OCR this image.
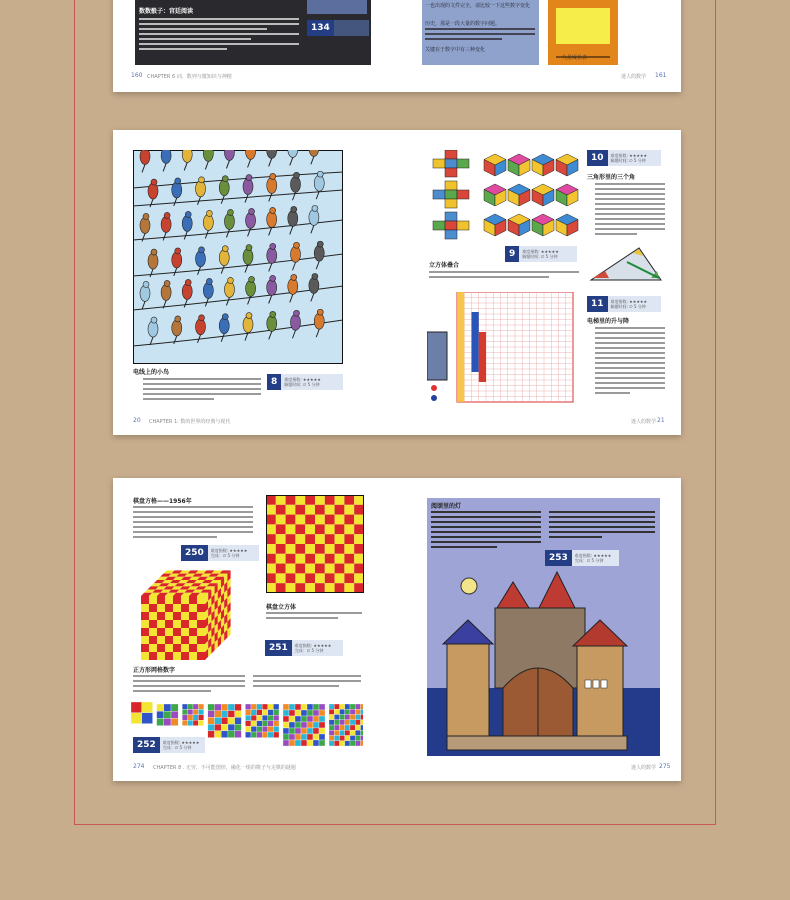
数数骰子：宫廷阅读
134
160 CHAPTER 6 词、数列与微知识与神精
一也出现的文件完全，请比较一下这些数字变化
历史，那是一段大量的数字问题。
关键在于数字中有三种变化
九星成长表
迷人的数学 161
电线上的小鸟
8	难度指数: ★★★★★
解题时间: ∅ 5 分钟
20 CHAPTER 1: 数的世界的经典与现代
9	难度指数: ★★★★★
解题时间: ∅ 5 分钟
立方体叠合
10	难度指数: ★★★★★
解题时间: ∅ 5 分钟
三角形里的三个角
11	难度指数: ★★★★★
解题时间: ∅ 5 分钟
电梯里的升与降
迷人的数学 21
棋盘方格——1956年
250	难度指数: ★★★★★
完成：∅ 5 分钟
棋盘立方体
251	难度指数: ★★★★★
完成：∅ 5 分钟
正方形网格数字
252	难度指数: ★★★★★
完成：∅ 5 分钟
274 CHAPTER 8 . 无穷、不可能图形，融化一组的棋子与走棋的谜题
阅颂里的灯
253	难度指数: ★★★★★
完成：∅ 5 分钟
迷人的数学 275
